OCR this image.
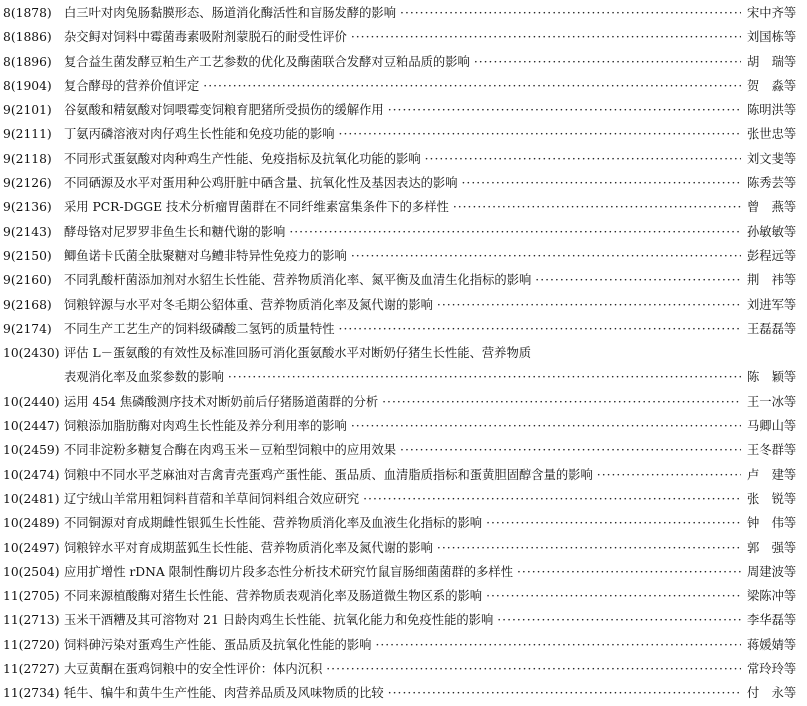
8(1878) 白三叶对肉兔肠黏膜形态、肠道消化酶活性和盲肠发酵的影响 ·····	宋中齐等
8(1886) 杂交鲟对饲料中霉菌毒素吸附剂蒙脱石的耐受性评价 ·····	刘国栋等
8(1896) 复合益生菌发酵豆粕生产工艺参数的优化及酶菌联合发酵对豆粕品质的影响 ·····	胡　瑞等
8(1904) 复合酵母的营养价值评定 ·····	贺　淼等
9(2101) 谷氨酸和精氨酸对饲喂霉变饲粮育肥猪所受损伤的缓解作用 ·····	陈明洪等
9(2111) 丁氨丙磷溶液对肉仔鸡生长性能和免疫功能的影响 ·····	张世忠等
9(2118) 不同形式蛋氨酸对肉种鸡生产性能、免疫指标及抗氧化功能的影响 ·····	刘文斐等
9(2126) 不同硒源及水平对蛋用种公鸡肝脏中硒含量、抗氧化性及基因表达的影响 ·····	陈秀芸等
9(2136) 采用 PCR-DGGE 技术分析瘤胃菌群在不同纤维素富集条件下的多样性 ·····	曾　燕等
9(2143) 酵母铬对尼罗罗非鱼生长和糖代谢的影响 ·····	孙敏敏等
9(2150) 鲫鱼诺卡氏菌全肽聚糖对乌鳢非特异性免疫力的影响 ·····	彭程远等
9(2160) 不同乳酸杆菌添加剂对水貂生长性能、营养物质消化率、氮平衡及血清生化指标的影响 ·····	荆　祎等
9(2168) 饲粮锌源与水平对冬毛期公貂体重、营养物质消化率及氮代谢的影响 ·····	刘进军等
9(2174) 不同生产工艺生产的饲料级磷酸二氢钙的质量特性 ·····	王磊磊等
10(2430) 评估 L－蛋氨酸的有效性及标准回肠可消化蛋氨酸水平对断奶仔猪生长性能、营养物质
表观消化率及血浆参数的影响 ·····	陈　颖等
10(2440) 运用 454 焦磷酸测序技术对断奶前后仔猪肠道菌群的分析 ·····	王一冰等
10(2447) 饲粮添加脂肪酶对肉鸡生长性能及养分利用率的影响 ·····	马卿山等
10(2459) 不同非淀粉多糖复合酶在肉鸡玉米－豆粕型饲粮中的应用效果 ·····	王冬群等
10(2474) 饲粮中不同水平芝麻油对吉禽青壳蛋鸡产蛋性能、蛋品质、血清脂质指标和蛋黄胆固醇含量的影响 ·····	卢　建等
10(2481) 辽宁绒山羊常用粗饲料苜蓿和羊草间饲料组合效应研究 ·····	张　锐等
10(2489) 不同铜源对育成期雌性银狐生长性能、营养物质消化率及血液生化指标的影响 ·····	钟　伟等
10(2497) 饲粮锌水平对育成期蓝狐生长性能、营养物质消化率及氮代谢的影响 ·····	郭　强等
10(2504) 应用扩增性 rDNA 限制性酶切片段多态性分析技术研究竹鼠盲肠细菌菌群的多样性 ·····	周建波等
11(2705) 不同来源植酸酶对猪生长性能、营养物质表观消化率及肠道微生物区系的影响 ·····	梁陈冲等
11(2713) 玉米干酒糟及其可溶物对 21 日龄肉鸡生长性能、抗氧化能力和免疫性能的影响 ·····	李华磊等
11(2720) 饲料砷污染对蛋鸡生产性能、蛋品质及抗氧化性能的影响 ·····	蒋媛婧等
11(2727) 大豆黄酮在蛋鸡饲粮中的安全性评价：体内沉积 ·····	常玲玲等
11(2734) 牦牛、犏牛和黄牛生产性能、肉营养品质及风味物质的比较 ·····	付　永等
